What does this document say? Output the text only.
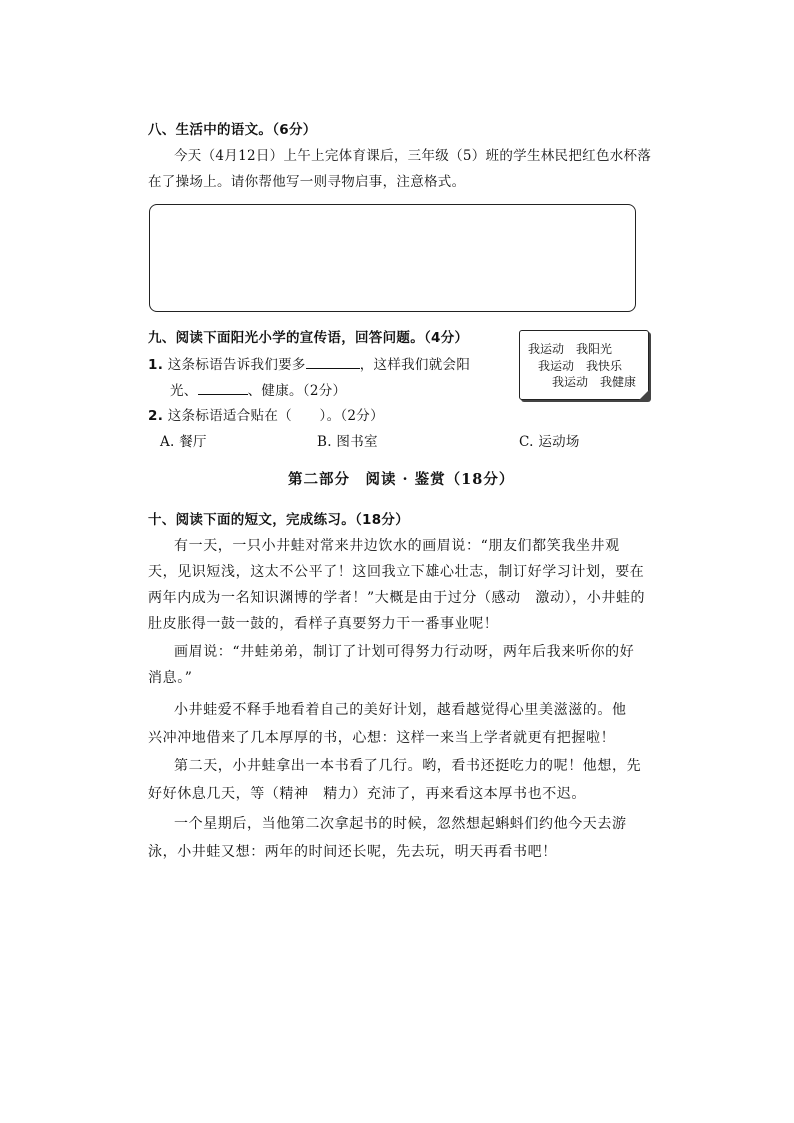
八、生活中的语文。（6分）
今天（4月12日）上午上完体育课后，三年级（5）班的学生林民把红色水杯落
在了操场上。请你帮他写一则寻物启事，注意格式。
九、阅读下面阳光小学的宣传语，回答问题。（4分）
1. 这条标语告诉我们要多	，这样我们就会阳
光、	、健康。（2分）
2. 这条标语适合贴在（　　）。（2分）
A. 餐厅	B. 图书室	C. 运动场
我运动　我阳光
我运动　我快乐
我运动　我健康
第二部分　阅读 · 鉴赏（18分）
十、阅读下面的短文，完成练习。（18分）
有一天，一只小井蛙对常来井边饮水的画眉说：“朋友们都笑我坐井观
天，见识短浅，这太不公平了！这回我立下雄心壮志，制订好学习计划，要在
两年内成为一名知识渊博的学者！”大概是由于过分（感动　激动），小井蛙的
肚皮胀得一鼓一鼓的，看样子真要努力干一番事业呢！
画眉说：“井蛙弟弟，制订了计划可得努力行动呀，两年后我来听你的好
消息。”
小井蛙爱不释手地看着自己的美好计划，越看越觉得心里美滋滋的。他
兴冲冲地借来了几本厚厚的书，心想：这样一来当上学者就更有把握啦！
第二天，小井蛙拿出一本书看了几行。哟，看书还挺吃力的呢！他想，先
好好休息几天，等（精神　精力）充沛了，再来看这本厚书也不迟。
一个星期后，当他第二次拿起书的时候，忽然想起蝌蚪们约他今天去游
泳，小井蛙又想：两年的时间还长呢，先去玩，明天再看书吧！
